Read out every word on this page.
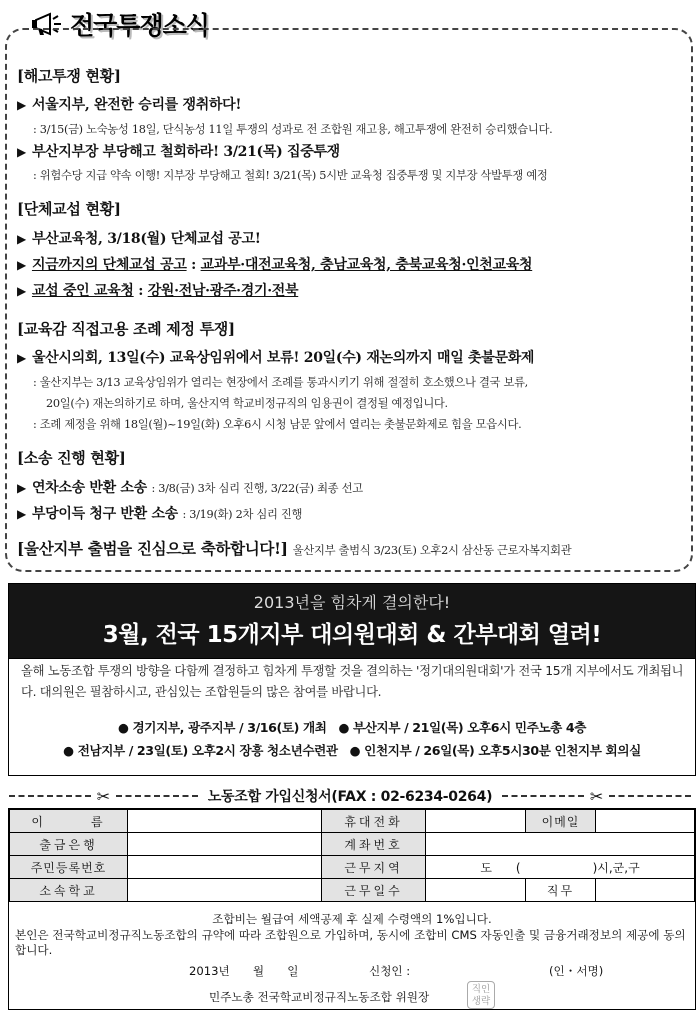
전국투쟁소식
[해고투쟁 현황]
▶ 서울지부, 완전한 승리를 쟁취하다!
: 3/15(금) 노숙농성 18일, 단식농성 11일 투쟁의 성과로 전 조합원 재고용, 해고투쟁에 완전히 승리했습니다.
▶ 부산지부장 부당해고 철회하라! 3/21(목) 집중투쟁
: 위험수당 지급 약속 이행! 지부장 부당해고 철회! 3/21(목) 5시반 교육청 집중투쟁 및 지부장 삭발투쟁 예정
[단체교섭 현황]
▶ 부산교육청, 3/18(월) 단체교섭 공고!
▶ 지금까지의 단체교섭 공고 : 교과부·대전교육청, 충남교육청, 충북교육청·인천교육청
▶ 교섭 중인 교육청 : 강원·전남·광주·경기·전북
[교육감 직접고용 조례 제정 투쟁]
▶ 울산시의회, 13일(수) 교육상임위에서 보류! 20일(수) 재논의까지 매일 촛불문화제
: 울산지부는 3/13 교육상임위가 열리는 현장에서 조례를 통과시키기 위해 절절히 호소했으나 결국 보류,
20일(수) 재논의하기로 하며, 울산지역 학교비정규직의 임용권이 결정될 예정입니다.
: 조례 제정을 위해 18일(월)~19일(화) 오후6시 시청 남문 앞에서 열리는 촛불문화제로 힘을 모읍시다.
[소송 진행 현황]
▶ 연차소송 반환 소송 : 3/8(금) 3차 심리 진행, 3/22(금) 최종 선고
▶ 부당이득 청구 반환 소송 : 3/19(화) 2차 심리 진행
[울산지부 출범을 진심으로 축하합니다!] 울산지부 출범식 3/23(토) 오후2시 삼산동 근로자복지회관
2013년을 힘차게 결의한다!
3월, 전국 15개지부 대의원대회 & 간부대회 열려!
올해 노동조합 투쟁의 방향을 다함께 결정하고 힘차게 투쟁할 것을 결의하는 '정기대의원대회'가 전국 15개 지부에서도 개최됩니다. 대의원은 필참하시고, 관심있는 조합원들의 많은 참여를 바랍니다.
● 경기지부, 광주지부 / 3/16(토) 개최 ● 부산지부 / 21일(목) 오후6시 민주노총 4층
● 전남지부 / 23일(토) 오후2시 장흥 청소년수련관 ● 인천지부 / 26일(목) 오후5시30분 인천지부 회의실
✂	노동조합 가입신청서(FAX : 02-6234-0264)	✂
이　　　름		휴대전화		이메일	
출금은행		계좌번호			
주민등록번호		근무지역	도　　(　　　　　　)시,군,구		
소속학교		근무일수		직무	
조합비는 월급여 세액공제 후 실제 수령액의 1%입니다.
본인은 전국학교비정규직노동조합의 규약에 따라 조합원으로 가입하며, 동시에 조합비 CMS 자동인출 및 금융거래정보의 제공에 동의합니다.
2013년　　월　　일	신청인 :	(인・서명)
민주노총 전국학교비정규직노동조합 위원장
직인
생략
